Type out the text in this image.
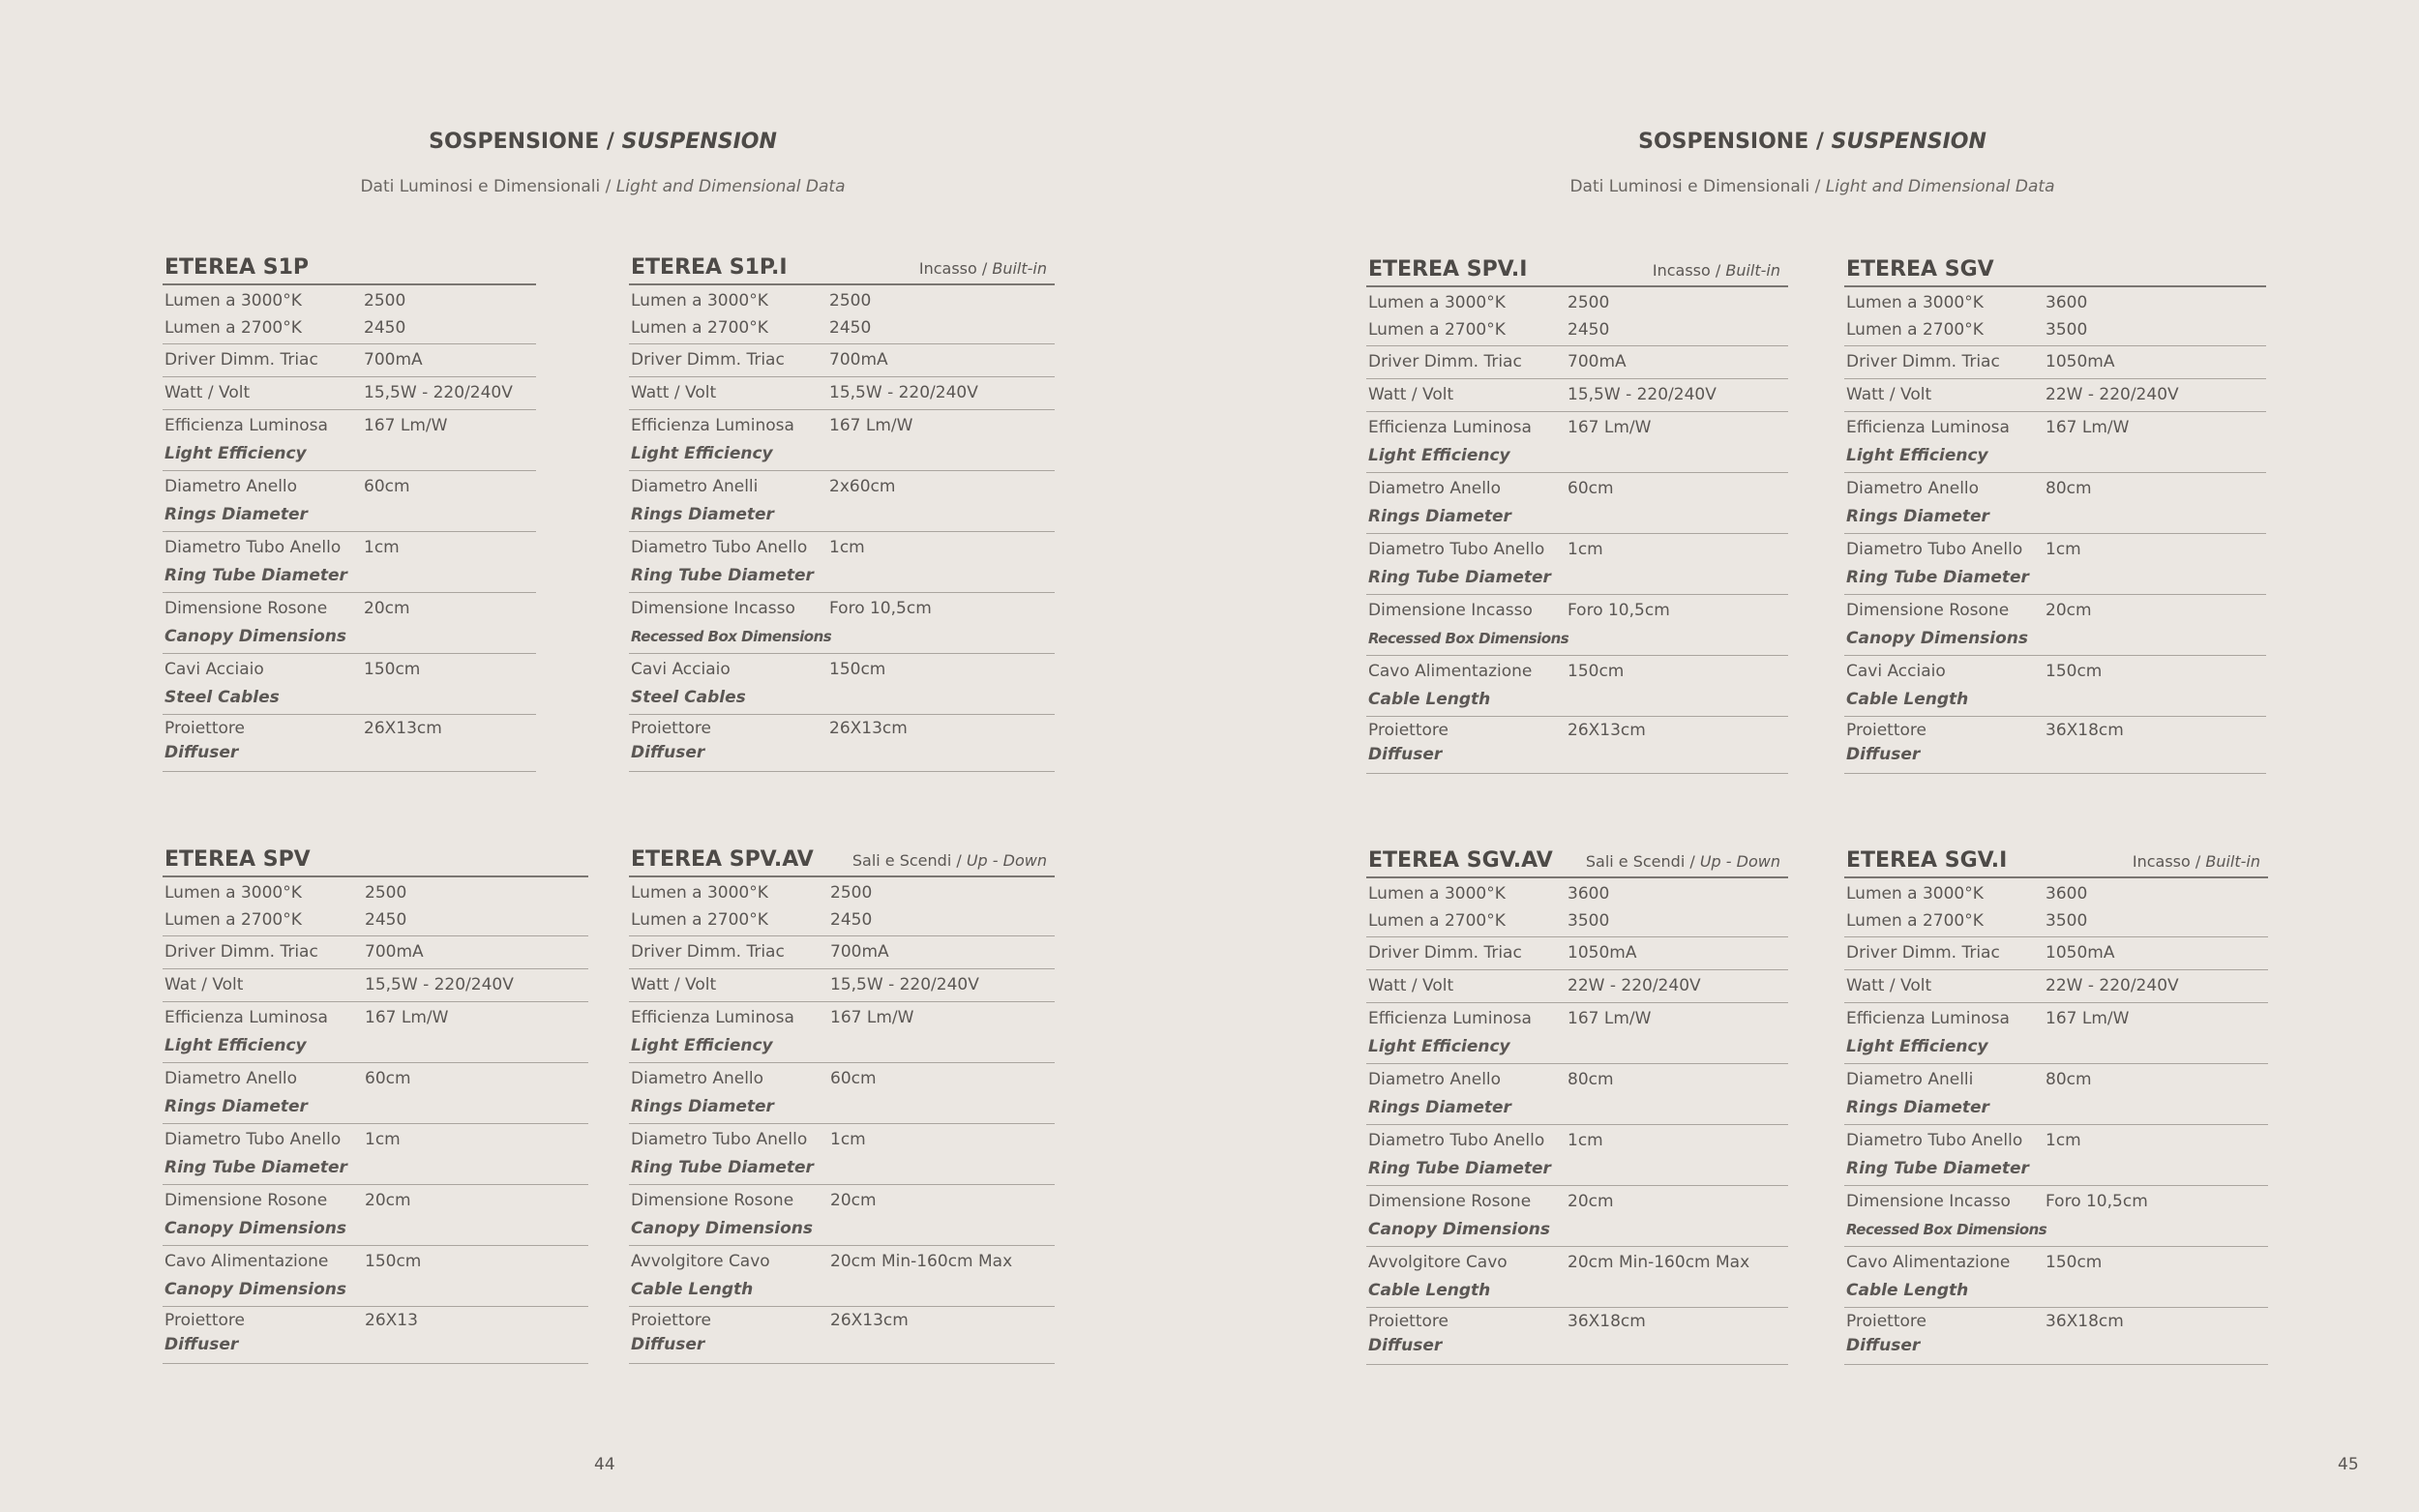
SOSPENSIONE / SUSPENSION
Dati Luminosi e Dimensionali / Light and Dimensional Data
SOSPENSIONE / SUSPENSION
Dati Luminosi e Dimensionali / Light and Dimensional Data
ETEREA S1P
Lumen a 3000°K	2500
Lumen a 2700°K	2450
Driver Dimm. Triac	700mA
Watt / Volt	15,5W - 220/240V
Efficienza Luminosa 167 Lm/W
Light Efficiency
Diametro Anello	60cm
Rings Diameter
Diametro Tubo Anello 1cm
Ring Tube Diameter
Dimensione Rosone 20cm
Canopy Dimensions
Cavi Acciaio	150cm
Steel Cables
Proiettore	26X13cm
Diffuser
ETEREA S1P.I	Incasso / Built-in
Lumen a 3000°K	2500
Lumen a 2700°K	2450
Driver Dimm. Triac	700mA
Watt / Volt	15,5W - 220/240V
Efficienza Luminosa 167 Lm/W
Light Efficiency
Diametro Anelli	2x60cm
Rings Diameter
Diametro Tubo Anello 1cm
Ring Tube Diameter
Dimensione Incasso Foro 10,5cm
Recessed Box Dimensions
Cavi Acciaio	150cm
Steel Cables
Proiettore	26X13cm
Diffuser
ETEREA SPV
Lumen a 3000°K	2500
Lumen a 2700°K	2450
Driver Dimm. Triac	700mA
Wat / Volt	15,5W - 220/240V
Efficienza Luminosa 167 Lm/W
Light Efficiency
Diametro Anello	60cm
Rings Diameter
Diametro Tubo Anello 1cm
Ring Tube Diameter
Dimensione Rosone 20cm
Canopy Dimensions
Cavo Alimentazione 150cm
Canopy Dimensions
Proiettore	26X13
Diffuser
ETEREA SPV.AV	Sali e Scendi / Up - Down
Lumen a 3000°K	2500
Lumen a 2700°K	2450
Driver Dimm. Triac	700mA
Watt / Volt	15,5W - 220/240V
Efficienza Luminosa 167 Lm/W
Light Efficiency
Diametro Anello	60cm
Rings Diameter
Diametro Tubo Anello 1cm
Ring Tube Diameter
Dimensione Rosone 20cm
Canopy Dimensions
Avvolgitore Cavo	20cm Min-160cm Max
Cable Length
Proiettore	26X13cm
Diffuser
ETEREA SPV.I	Incasso / Built-in
Lumen a 3000°K	2500
Lumen a 2700°K	2450
Driver Dimm. Triac	700mA
Watt / Volt	15,5W - 220/240V
Efficienza Luminosa 167 Lm/W
Light Efficiency
Diametro Anello	60cm
Rings Diameter
Diametro Tubo Anello 1cm
Ring Tube Diameter
Dimensione Incasso Foro 10,5cm
Recessed Box Dimensions
Cavo Alimentazione 150cm
Cable Length
Proiettore	26X13cm
Diffuser
ETEREA SGV
Lumen a 3000°K	3600
Lumen a 2700°K	3500
Driver Dimm. Triac	1050mA
Watt / Volt	22W - 220/240V
Efficienza Luminosa 167 Lm/W
Light Efficiency
Diametro Anello	80cm
Rings Diameter
Diametro Tubo Anello 1cm
Ring Tube Diameter
Dimensione Rosone 20cm
Canopy Dimensions
Cavi Acciaio	150cm
Cable Length
Proiettore	36X18cm
Diffuser
ETEREA SGV.AV Sali e Scendi / Up - Down
Lumen a 3000°K	3600
Lumen a 2700°K	3500
Driver Dimm. Triac	1050mA
Watt / Volt	22W - 220/240V
Efficienza Luminosa 167 Lm/W
Light Efficiency
Diametro Anello	80cm
Rings Diameter
Diametro Tubo Anello 1cm
Ring Tube Diameter
Dimensione Rosone 20cm
Canopy Dimensions
Avvolgitore Cavo	20cm Min-160cm Max
Cable Length
Proiettore	36X18cm
Diffuser
ETEREA SGV.I	Incasso / Built-in
Lumen a 3000°K	3600
Lumen a 2700°K	3500
Driver Dimm. Triac	1050mA
Watt / Volt	22W - 220/240V
Efficienza Luminosa 167 Lm/W
Light Efficiency
Diametro Anelli	80cm
Rings Diameter
Diametro Tubo Anello 1cm
Ring Tube Diameter
Dimensione Incasso Foro 10,5cm
Recessed Box Dimensions
Cavo Alimentazione 150cm
Cable Length
Proiettore	36X18cm
Diffuser
44	45
